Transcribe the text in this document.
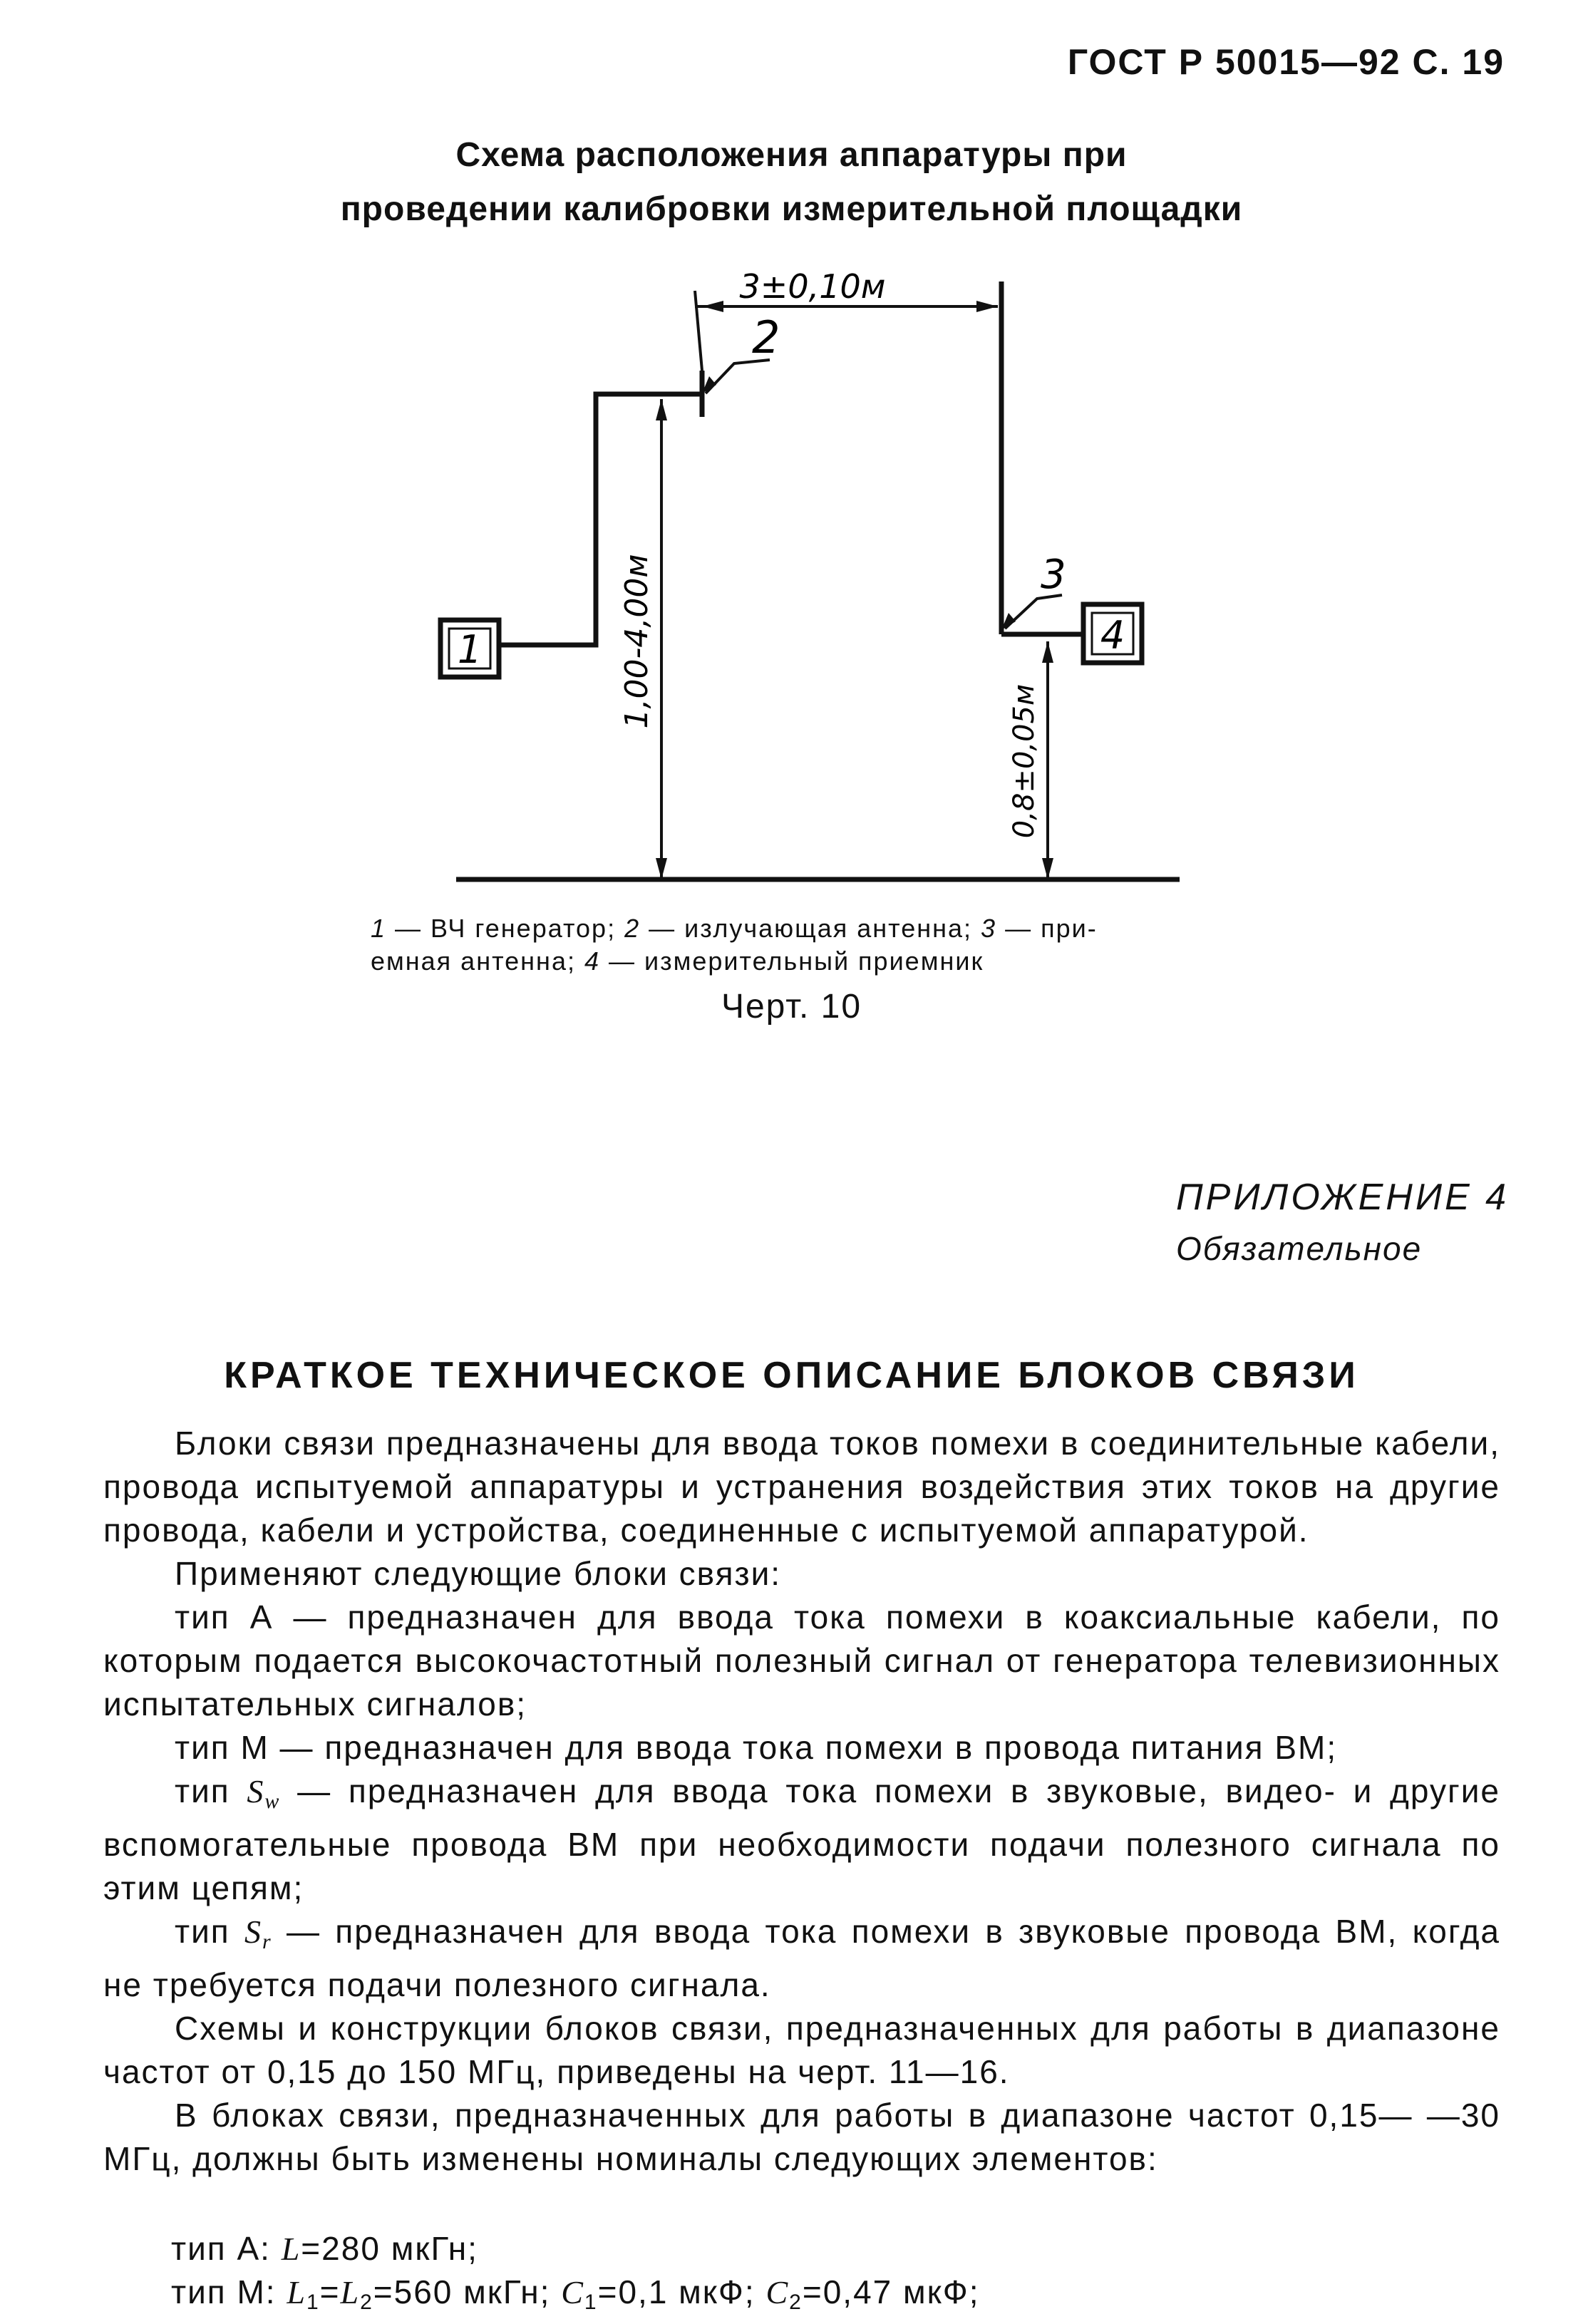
ГОСТ Р 50015—92 С. 19
Схема расположения аппаратуры при
проведении калибровки измерительной площадки
1	4
3±0,10м
2
3
1,00-4,00м
0,8±0,05м
1 — ВЧ генератор; 2 — излучающая антенна; 3 — при-
емная антенна; 4 — измерительный приемник
Черт. 10
ПРИЛОЖЕНИЕ 4
Обязательное
КРАТКОЕ ТЕХНИЧЕСКОЕ ОПИСАНИЕ БЛОКОВ СВЯЗИ

Блоки связи предназначены для ввода токов помехи в соединительные кабели, провода испытуемой аппаратуры и устранения воздействия этих токов на другие провода, кабели и устройства, соединенные с испытуемой аппаратурой.

Применяют следующие блоки связи:

тип А — предназначен для ввода тока помехи в коаксиальные кабели, по которым подается высокочастотный полезный сигнал от генератора телевизионных испытательных сигналов;

тип М — предназначен для ввода тока помехи в провода питания ВМ;

тип $S_w$ — предназначен для ввода тока помехи в звуковые, видео- и другие вспомогательные провода ВМ при необходимости подачи полезного сигнала по этим цепям;

тип $S_r$ — предназначен для ввода тока помехи в звуковые провода ВМ, когда не требуется подачи полезного сигнала.

Схемы и конструкции блоков связи, предназначенных для работы в диапазоне частот от 0,15 до 150 МГц, приведены на черт. 11—16.

В блоках связи, предназначенных для работы в диапазоне частот 0,15— —30 МГц, должны быть изменены номиналы следующих элементов:

тип А: L=280 мкГн;

тип М: $L_1=L_2=560$ мкГн; $C_1=0,1$ мкФ; $C_2=0,47$ мкФ;
